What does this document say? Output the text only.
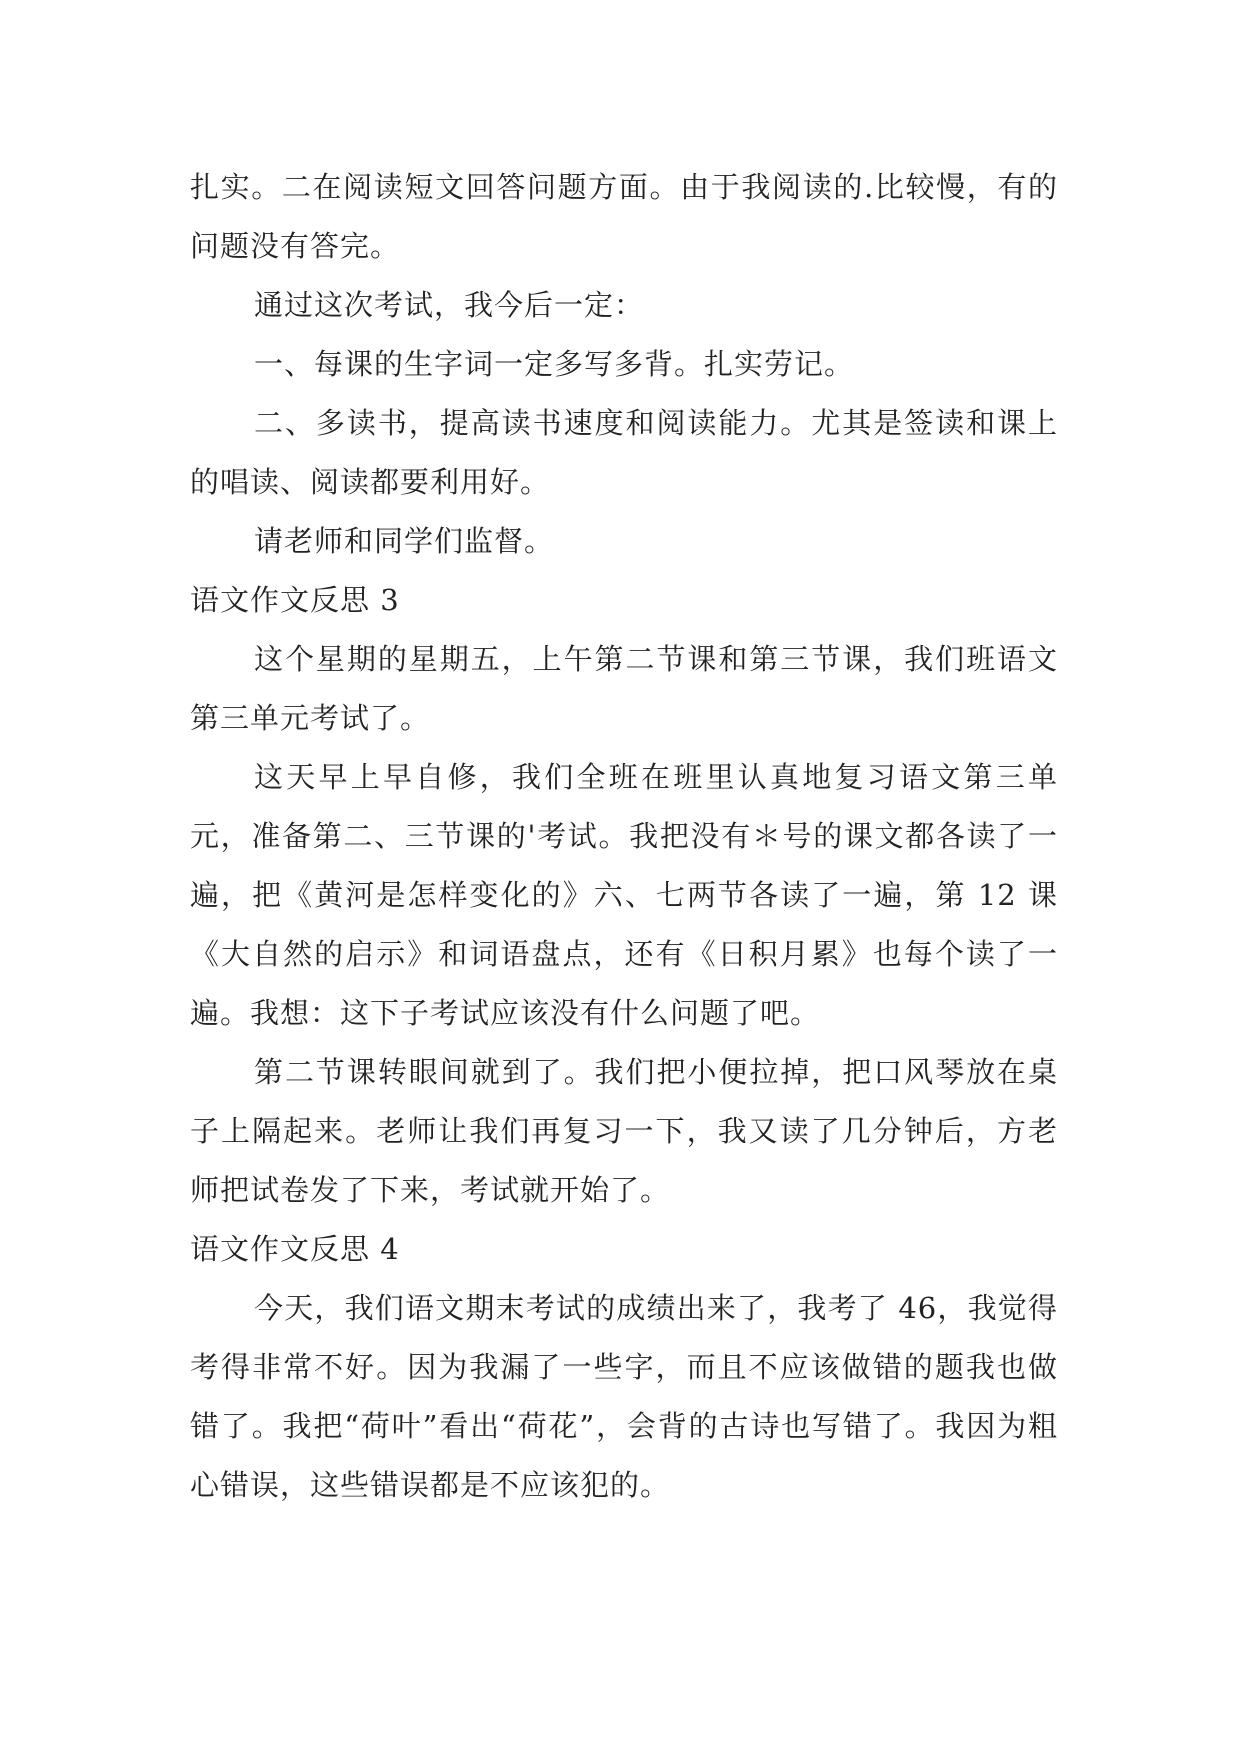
扎实。二在阅读短文回答问题方面。由于我阅读的.比较慢，有的问题没有答完。

通过这次考试，我今后一定：

一、每课的生字词一定多写多背。扎实劳记。

二、多读书，提高读书速度和阅读能力。尤其是签读和课上的唱读、阅读都要利用好。

请老师和同学们监督。

语文作文反思 3

这个星期的星期五，上午第二节课和第三节课，我们班语文第三单元考试了。

这天早上早自修，我们全班在班里认真地复习语文第三单元，准备第二、三节课的'考试。我把没有＊号的课文都各读了一遍，把《黄河是怎样变化的》六、七两节各读了一遍，第 12 课《大自然的启示》和词语盘点，还有《日积月累》也每个读了一遍。我想：这下子考试应该没有什么问题了吧。

第二节课转眼间就到了。我们把小便拉掉，把口风琴放在桌子上隔起来。老师让我们再复习一下，我又读了几分钟后，方老师把试卷发了下来，考试就开始了。

语文作文反思 4

今天，我们语文期末考试的成绩出来了，我考了 46，我觉得考得非常不好。因为我漏了一些字，而且不应该做错的题我也做错了。我把“荷叶”看出“荷花”，会背的古诗也写错了。我因为粗心错误，这些错误都是不应该犯的。
